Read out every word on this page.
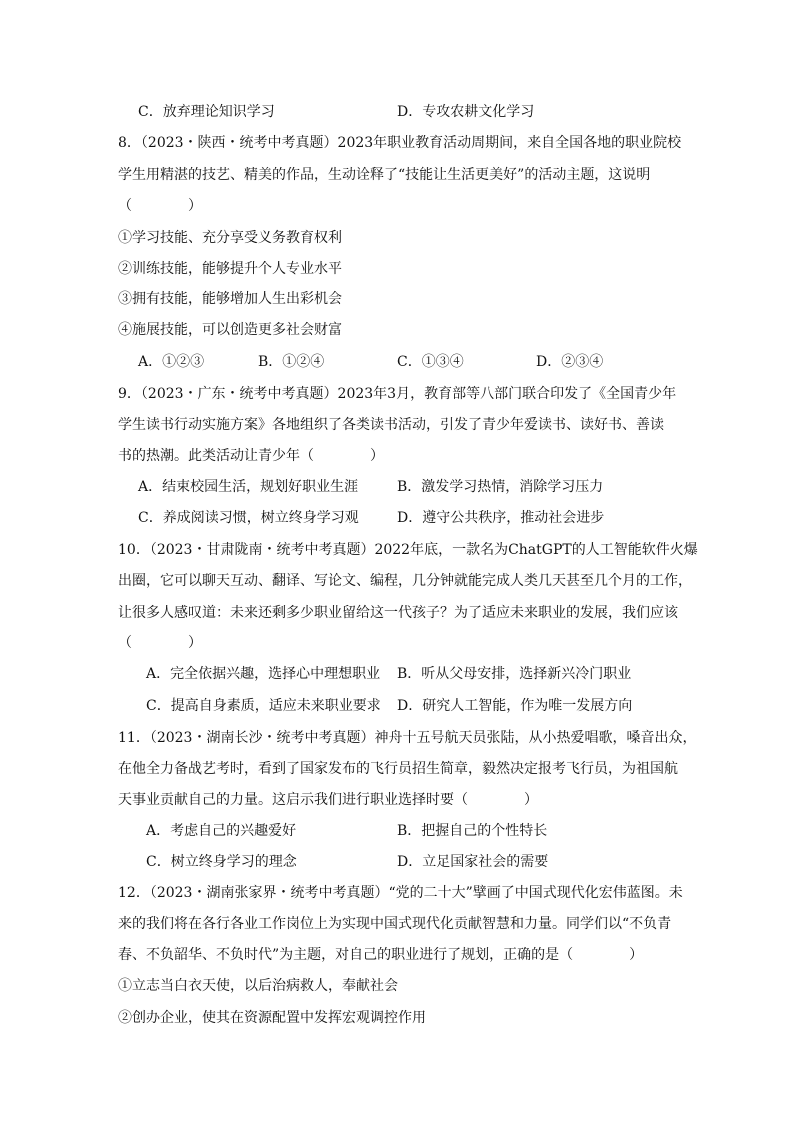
C．放弃理论知识学习	D．专攻农耕文化学习
8．（2023・陕西・统考中考真题）2023年职业教育活动周期间，来自全国各地的职业院校
学生用精湛的技艺、精美的作品，生动诠释了“技能让生活更美好”的活动主题，这说明
（　　　　）
①学习技能、充分享受义务教育权利
②训练技能，能够提升个人专业水平
③拥有技能，能够增加人生出彩机会
④施展技能，可以创造更多社会财富
A．①②③	B．①②④	C．①③④	D．②③④
9．（2023・广东・统考中考真题）2023年3月，教育部等八部门联合印发了《全国青少年
学生读书行动实施方案》各地组织了各类读书活动，引发了青少年爱读书、读好书、善读
书的热潮。此类活动让青少年（　　　　）
A．结束校园生活，规划好职业生涯	B．激发学习热情，消除学习压力
C．养成阅读习惯，树立终身学习观	D．遵守公共秩序，推动社会进步
10．（2023・甘肃陇南・统考中考真题）2022年底，一款名为ChatGPT的人工智能软件火爆
出圈，它可以聊天互动、翻译、写论文、编程，几分钟就能完成人类几天甚至几个月的工作，
让很多人感叹道：未来还剩多少职业留给这一代孩子？为了适应未来职业的发展，我们应该
（　　　　）
A．完全依据兴趣，选择心中理想职业 B．听从父母安排，选择新兴冷门职业
C．提高自身素质，适应未来职业要求 D．研究人工智能，作为唯一发展方向
11．（2023・湖南长沙・统考中考真题）神舟十五号航天员张陆，从小热爱唱歌，嗓音出众，
在他全力备战艺考时，看到了国家发布的飞行员招生简章，毅然决定报考飞行员，为祖国航
天事业贡献自己的力量。这启示我们进行职业选择时要（　　　　）
A．考虑自己的兴趣爱好	B．把握自己的个性特长
C．树立终身学习的理念	D．立足国家社会的需要
12．（2023・湖南张家界・统考中考真题）“党的二十大”擘画了中国式现代化宏伟蓝图。未
来的我们将在各行各业工作岗位上为实现中国式现代化贡献智慧和力量。同学们以“不负青
春、不负韶华、不负时代”为主题，对自己的职业进行了规划，正确的是（　　　　）
①立志当白衣天使，以后治病救人，奉献社会
②创办企业，使其在资源配置中发挥宏观调控作用
